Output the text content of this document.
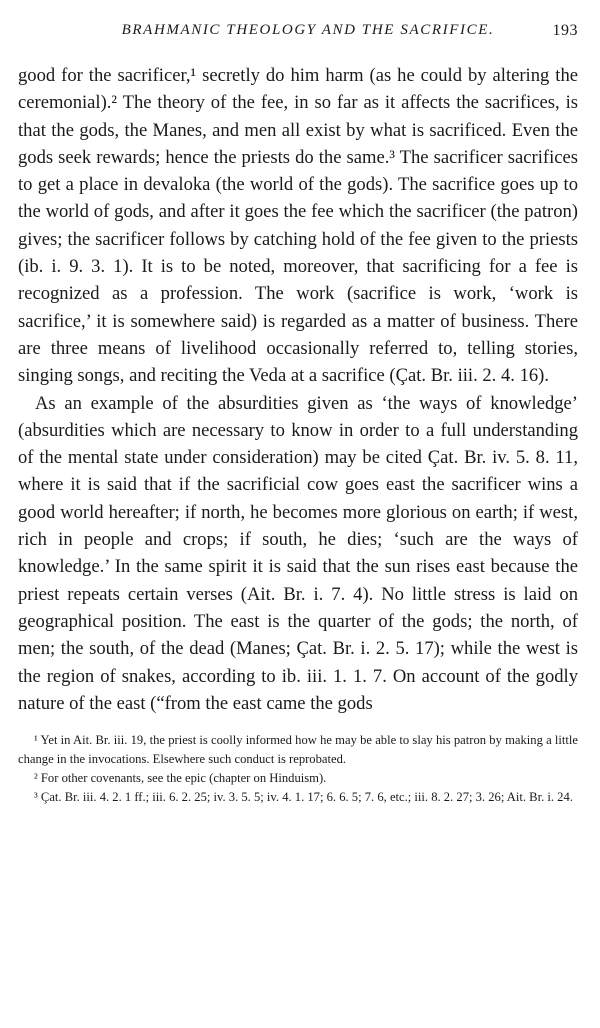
BRAHMANIC THEOLOGY AND THE SACRIFICE.	193

good for the sacrificer,¹ secretly do him harm (as he could by altering the ceremonial).² The theory of the fee, in so far as it affects the sacrifices, is that the gods, the Manes, and men all exist by what is sacrificed. Even the gods seek rewards; hence the priests do the same.³ The sacrificer sacrifices to get a place in devaloka (the world of the gods). The sacrifice goes up to the world of gods, and after it goes the fee which the sacrificer (the patron) gives; the sacrificer follows by catching hold of the fee given to the priests (ib. i. 9. 3. 1). It is to be noted, moreover, that sacrificing for a fee is recognized as a profession. The work (sacrifice is work, ‘work is sacrifice,’ it is somewhere said) is regarded as a matter of business. There are three means of livelihood occasionally referred to, telling stories, singing songs, and reciting the Veda at a sacrifice (Çat. Br. iii. 2. 4. 16).

As an example of the absurdities given as ‘the ways of knowledge’ (absurdities which are necessary to know in order to a full understanding of the mental state under consideration) may be cited Çat. Br. iv. 5. 8. 11, where it is said that if the sacrificial cow goes east the sacrificer wins a good world hereafter; if north, he becomes more glorious on earth; if west, rich in people and crops; if south, he dies; ‘such are the ways of knowledge.’ In the same spirit it is said that the sun rises east because the priest repeats certain verses (Ait. Br. i. 7. 4). No little stress is laid on geographical position. The east is the quarter of the gods; the north, of men; the south, of the dead (Manes; Çat. Br. i. 2. 5. 17); while the west is the region of snakes, according to ib. iii. 1. 1. 7. On account of the godly nature of the east (“from the east came the gods

¹ Yet in Ait. Br. iii. 19, the priest is coolly informed how he may be able to slay his patron by making a little change in the invocations. Elsewhere such conduct is reprobated.

² For other covenants, see the epic (chapter on Hinduism).

³ Çat. Br. iii. 4. 2. 1 ff.; iii. 6. 2. 25; iv. 3. 5. 5; iv. 4. 1. 17; 6. 6. 5; 7. 6, etc.; iii. 8. 2. 27; 3. 26; Ait. Br. i. 24.
